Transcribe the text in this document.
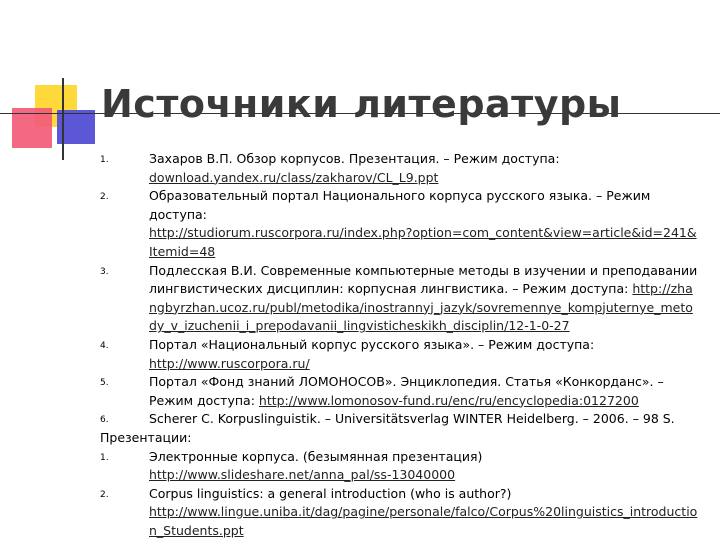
Источники литературы
1.	Захаров В.П. Обзор корпусов. Презентация. – Режим доступа:
download.yandex.ru/class/zakharov/CL_L9.ppt
2.	Образовательный портал Национального корпуса русского языка. – Режим доступа:
http://studiorum.ruscorpora.ru/index.php?option=com_content&view=article&id=241&Itemid=48
3.	Подлесская В.И. Современные компьютерные методы в изучении и преподавании лингвистических дисциплин: корпусная лингвистика. – Режим доступа: http://zhangbyrzhan.ucoz.ru/publ/metodika/inostrannyj_jazyk/sovremennye_kompjuternye_metody_v_izuchenii_i_prepodavanii_lingvisticheskikh_disciplin/12-1-0-27
4.	Портал «Национальный корпус русского языка». – Режим доступа:
http://www.ruscorpora.ru/
5.	Портал «Фонд знаний ЛОМОНОСОВ». Энциклопедия. Статья «Конкорданс». – Режим доступа: http://www.lomonosov-fund.ru/enc/ru/encyclopedia:0127200
6.	Scherer C. Korpuslinguistik. – Universitätsverlag WINTER Heidelberg. – 2006. – 98 S.

Презентации:

1.	Электронные корпуса. (безымянная презентация)
http://www.slideshare.net/anna_pal/ss-13040000
2.	Corpus linguistics: a general introduction (who is author?)
http://www.lingue.uniba.it/dag/pagine/personale/falco/Corpus%20linguistics_introduction_Students.ppt
